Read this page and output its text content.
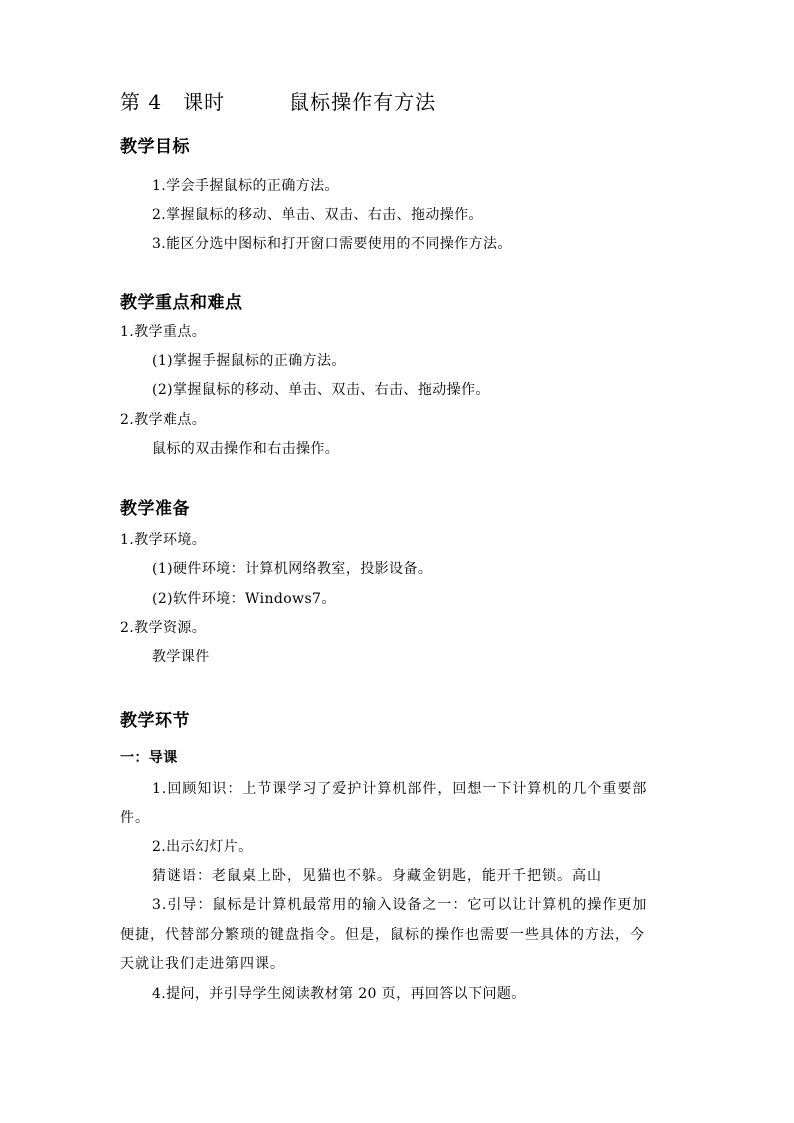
第 4　课时	鼠标操作有方法
教学目标
1.学会手握鼠标的正确方法。
2.掌握鼠标的移动、单击、双击、右击、拖动操作。
3.能区分选中图标和打开窗口需要使用的不同操作方法。
教学重点和难点
1.教学重点。
(1)掌握手握鼠标的正确方法。
(2)掌握鼠标的移动、单击、双击、右击、拖动操作。
2.教学难点。
鼠标的双击操作和右击操作。
教学准备
1.教学环境。
(1)硬件环境：计算机网络教室，投影设备。
(2)软件环境：Windows7。
2.教学资源。
教学课件
教学环节
一：导课
1.回顾知识：上节课学习了爱护计算机部件，回想一下计算机的几个重要部
件。
2.出示幻灯片。
猜谜语：老鼠桌上卧，见猫也不躲。身藏金钥匙，能开千把锁。高山
3.引导：鼠标是计算机最常用的输入设备之一：它可以让计算机的操作更加
便捷，代替部分繁琐的键盘指令。但是，鼠标的操作也需要一些具体的方法，今
天就让我们走进第四课。
4.提问，并引导学生阅读教材第 20 页，再回答以下问题。
